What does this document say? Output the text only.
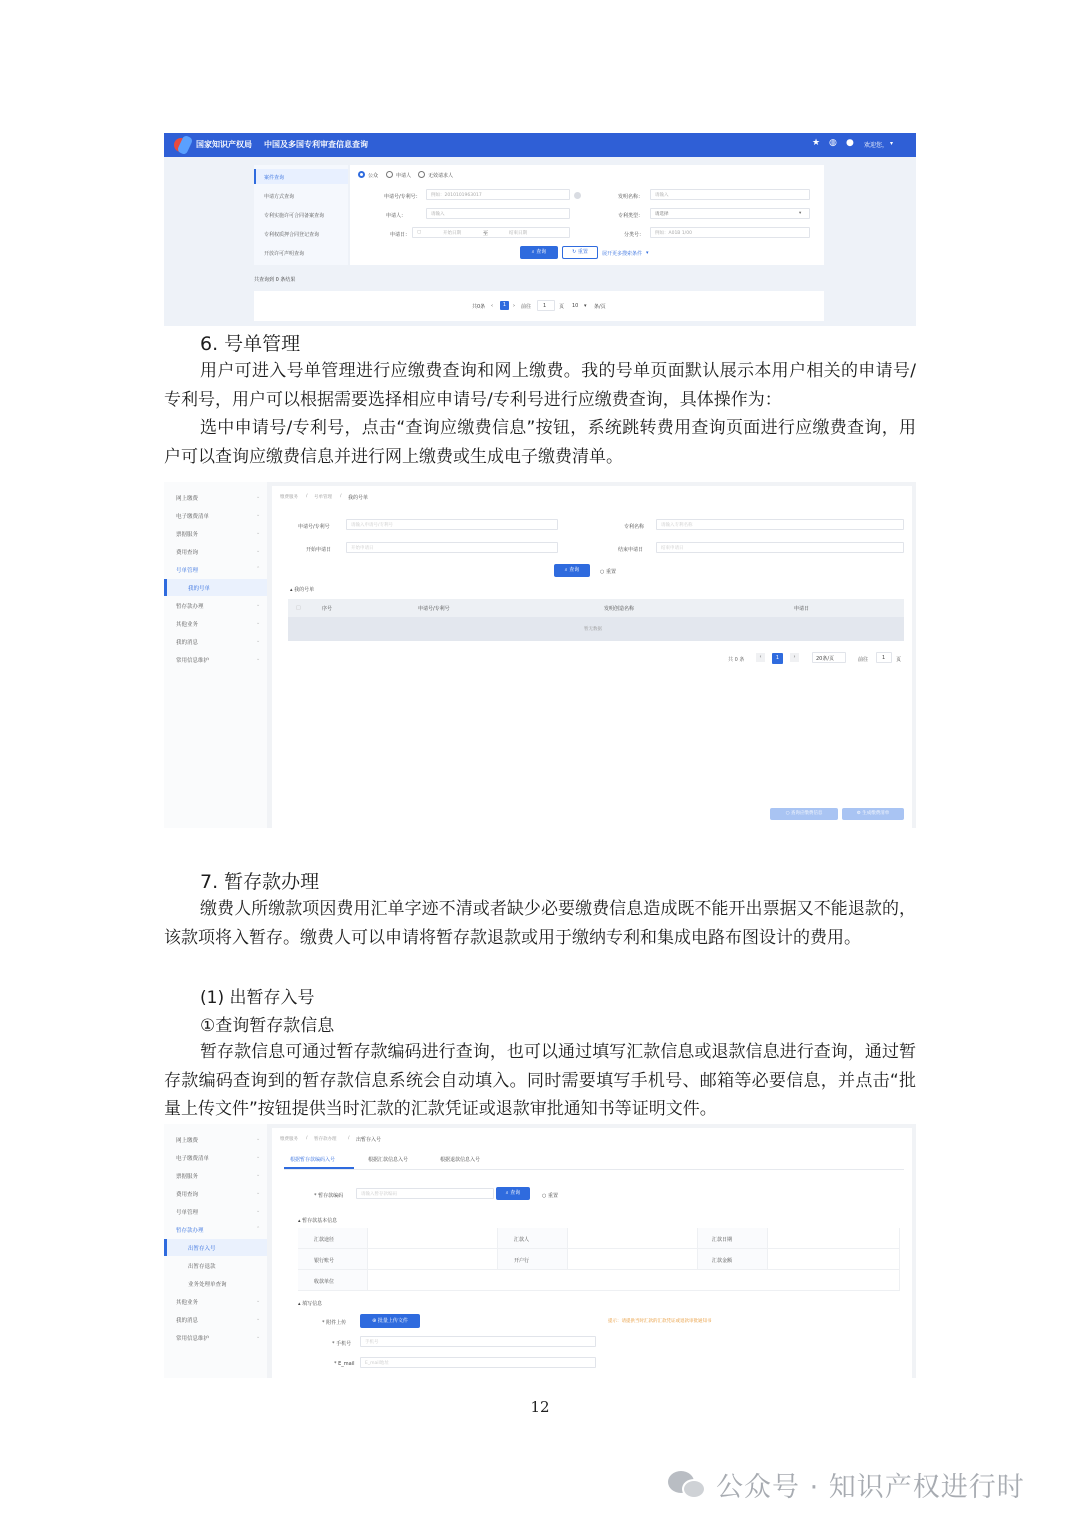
国家知识产权局 中国及多国专利审查信息查询	★ ◍ ● 欢迎您， ▾
案件查询
申请方式查询
专利实施许可合同备案查询
专利权质押合同登记查询
开放许可声明查询
公众	申请人	无效请求人
申请号/专利号： 例如：2010101963017
申请人：	请输入
申请日： ▢	开始日期	至	结束日期
发明名称：	请输入
专利类型：	请选择	▾
分类号： 例如：A01B 1/00
⌕ 查询	↻ 重置	展开更多搜索条件 ▾
共查询到 0 条结果
共0条 ‹	1	› 前往 1	页 10 ▾ 条/页
6. 号单管理
用户可进入号单管理进行应缴费查询和网上缴费。我的号单页面默认展示本用户相关的申请号/专利号，用户可以根据需要选择相应申请号/专利号进行应缴费查询，具体操作为：
选中申请号/专利号，点击“查询应缴费信息”按钮，系统跳转费用查询页面进行应缴费查询，用户可以查询应缴费信息并进行网上缴费或生成电子缴费清单。
网上缴费	⌄
电子缴费清单	⌄
票据服务	⌄
费用查询	⌄
号单管理	⌃
我的号单
暂存款办理	⌄
其他业务	⌄
我的消息	⌄
常用信息维护	⌄
缴费服务 / 号单管理 / 我的号单
申请号/专利号	请输入申请号/专利号	专利名称	请输入专利名称
开始申请日	开始申请日	结束申请日	结束申请日
⌕ 查询	○ 重置
▴ 我的号单
□	序号	申请号/专利号	发明创造名称	申请日
暂无数据
共 0 条	‹	1	›	20条/页	前往	1 页
○ 查询应缴费信息	⚙ 生成缴费清单
7. 暂存款办理
缴费人所缴款项因费用汇单字迹不清或者缺少必要缴费信息造成既不能开出票据又不能退款的，该款项将入暂存。缴费人可以申请将暂存款退款或用于缴纳专利和集成电路布图设计的费用。
(1) 出暂存入号
①查询暂存款信息
暂存款信息可通过暂存款编码进行查询，也可以通过填写汇款信息或退款信息进行查询，通过暂存款编码查询到的暂存款信息系统会自动填入。同时需要填写手机号、邮箱等必要信息，并点击“批量上传文件”按钮提供当时汇款的汇款凭证或退款审批通知书等证明文件。
网上缴费	⌄
电子缴费清单	⌄
票据服务	⌄
费用查询	⌄
号单管理	⌄
暂存款办理	⌃
出暂存入号
出暂存退款
业务处理单查询
其他业务	⌄
我的消息	⌄
常用信息维护	⌄
缴费服务 / 暂存款办理	/ 出暂存入号
根据暂存款编码入号	根据汇款信息入号	根据退款信息入号
* 暂存款编码	请输入暂存款编码	⌕ 查询	○ 重置
▴ 暂存款基本信息
汇款途径	汇款人	汇款日期
银行账号	开户行	汇款金额
收款单位
▴ 填写信息
* 附件上传	⊕ 批量上传文件	提示：请提供当时汇款的汇款凭证或退款审批通知书
* 手机号	手机号
* E_mail E_mail地址
12
公众号 · 知识产权进行时
